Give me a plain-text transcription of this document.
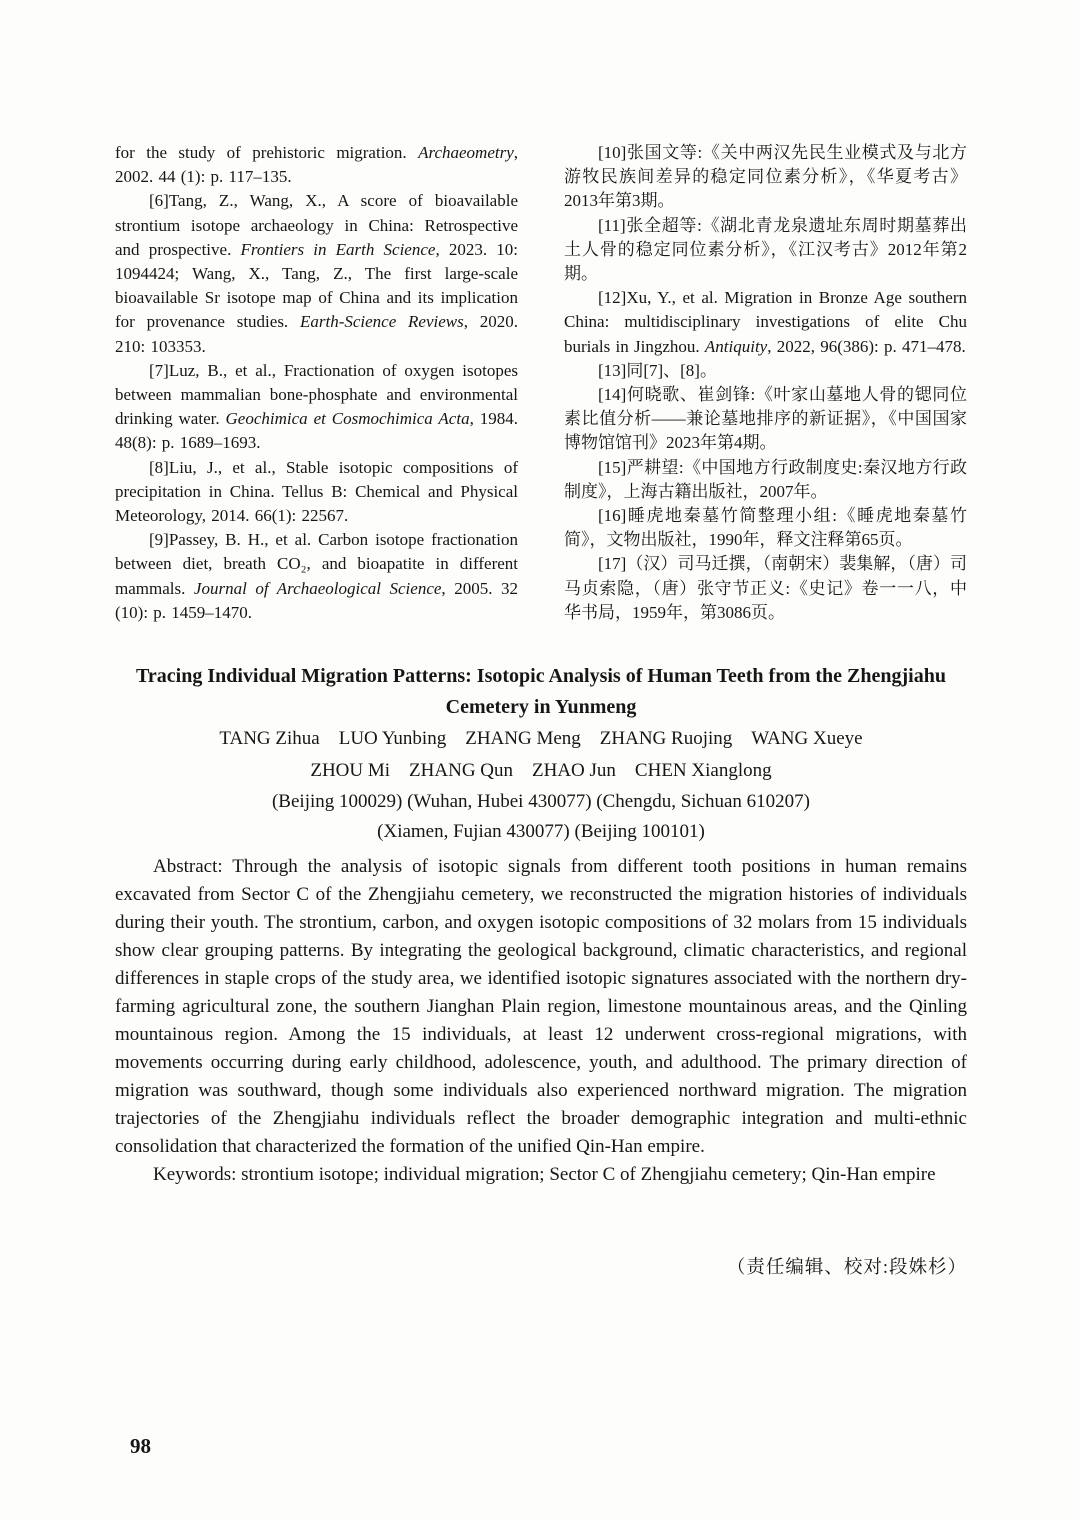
for the study of prehistoric migration. Archaeometry, 2002. 44 (1): p. 117–135.

[6]Tang, Z., Wang, X., A score of bioavailable strontium isotope archaeology in China: Retrospective and prospective. Frontiers in Earth Science, 2023. 10: 1094424; Wang, X., Tang, Z., The first large-scale bioavailable Sr isotope map of China and its implication for provenance studies. Earth-Science Reviews, 2020. 210: 103353.

[7]Luz, B., et al., Fractionation of oxygen isotopes between mammalian bone-phosphate and environmental drinking water. Geochimica et Cosmochimica Acta, 1984. 48(8): p. 1689–1693.

[8]Liu, J., et al., Stable isotopic compositions of precipitation in China. Tellus B: Chemical and Physical Meteorology, 2014. 66(1): 22567.

[9]Passey, B. H., et al. Carbon isotope fractionation between diet, breath CO₂, and bioapatite in different mammals. Journal of Archaeological Science, 2005. 32 (10): p. 1459–1470.

[10]张国文等:《关中两汉先民生业模式及与北方游牧民族间差异的稳定同位素分析》，《华夏考古》2013年第3期。

[11]张全超等:《湖北青龙泉遗址东周时期墓葬出土人骨的稳定同位素分析》，《江汉考古》2012年第2期。

[12]Xu, Y., et al. Migration in Bronze Age southern China: multidisciplinary investigations of elite Chu burials in Jingzhou. Antiquity, 2022, 96(386): p. 471–478.

[13]同[7]、[8]。

[14]何晓歌、崔剑锋:《叶家山墓地人骨的锶同位素比值分析——兼论墓地排序的新证据》，《中国国家博物馆馆刊》2023年第4期。

[15]严耕望:《中国地方行政制度史:秦汉地方行政制度》，上海古籍出版社，2007年。

[16]睡虎地秦墓竹简整理小组:《睡虎地秦墓竹简》，文物出版社，1990年，释文注释第65页。

[17]（汉）司马迁撰，（南朝宋）裴集解，（唐）司马贞索隐，（唐）张守节正义:《史记》卷一一八，中华书局，1959年，第3086页。

Tracing Individual Migration Patterns: Isotopic Analysis of Human Teeth from the Zhengjiahu
Cemetery in Yunmeng
TANG Zihua LUO Yunbing ZHANG Meng ZHANG Ruojing WANG Xueye
ZHOU Mi ZHANG Qun ZHAO Jun CHEN Xianglong
(Beijing 100029) (Wuhan, Hubei 430077) (Chengdu, Sichuan 610207)
(Xiamen, Fujian 430077) (Beijing 100101)

Abstract: Through the analysis of isotopic signals from different tooth positions in human remains excavated from Sector C of the Zhengjiahu cemetery, we reconstructed the migration histories of individuals during their youth. The strontium, carbon, and oxygen isotopic compositions of 32 molars from 15 individuals show clear grouping patterns. By integrating the geological background, climatic characteristics, and regional differences in staple crops of the study area, we identified isotopic signatures associated with the northern dry-farming agricultural zone, the southern Jianghan Plain region, limestone mountainous areas, and the Qinling mountainous region. Among the 15 individuals, at least 12 underwent cross-regional migrations, with movements occurring during early childhood, adolescence, youth, and adulthood. The primary direction of migration was southward, though some individuals also experienced northward migration. The migration trajectories of the Zhengjiahu individuals reflect the broader demographic integration and multi-ethnic consolidation that characterized the formation of the unified Qin-Han empire.

Keywords: strontium isotope; individual migration; Sector C of Zhengjiahu cemetery; Qin-Han empire

（责任编辑、校对:段姝杉）
98
